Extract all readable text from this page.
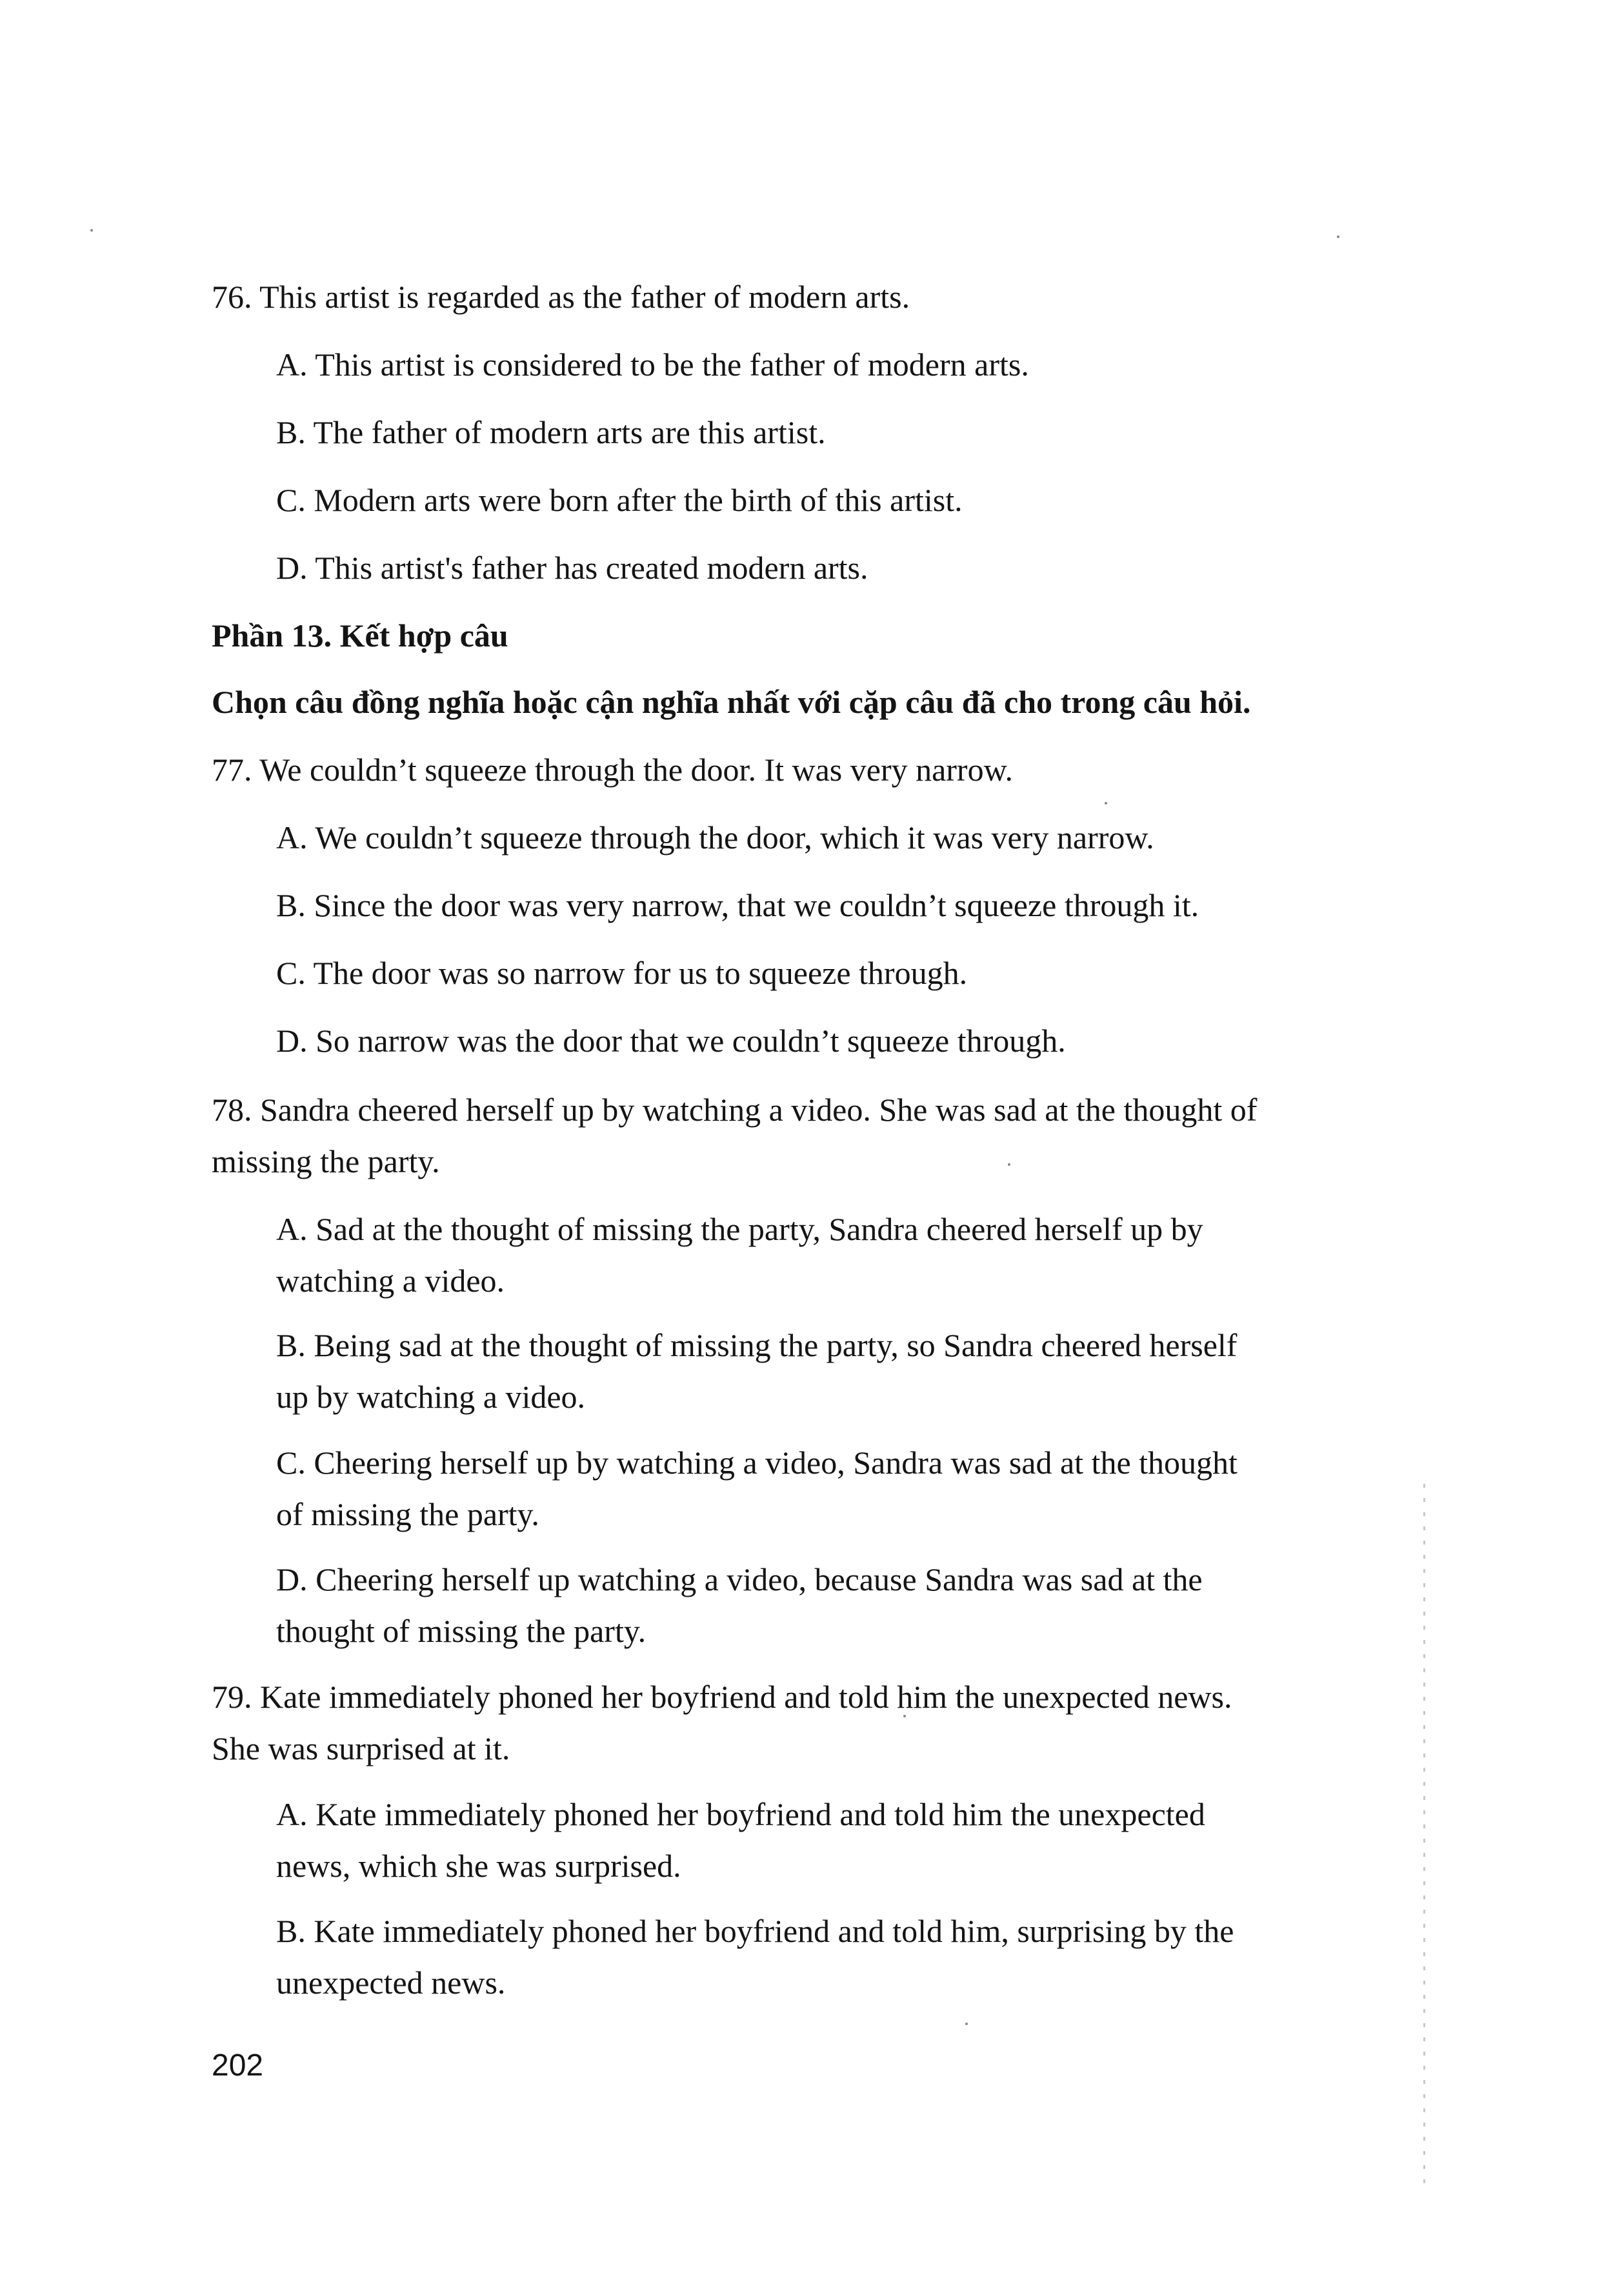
76. This artist is regarded as the father of modern arts.
A. This artist is considered to be the father of modern arts.
B. The father of modern arts are this artist.
C. Modern arts were born after the birth of this artist.
D. This artist's father has created modern arts.
Phần 13. Kết hợp câu
Chọn câu đồng nghĩa hoặc cận nghĩa nhất với cặp câu đã cho trong câu hỏi.
77. We couldn’t squeeze through the door. It was very narrow.
A. We couldn’t squeeze through the door, which it was very narrow.
B. Since the door was very narrow, that we couldn’t squeeze through it.
C. The door was so narrow for us to squeeze through.
D. So narrow was the door that we couldn’t squeeze through.
78. Sandra cheered herself up by watching a video. She was sad at the thought of
missing the party.
A. Sad at the thought of missing the party, Sandra cheered herself up by
watching a video.
B. Being sad at the thought of missing the party, so Sandra cheered herself
up by watching a video.
C. Cheering herself up by watching a video, Sandra was sad at the thought
of missing the party.
D. Cheering herself up watching a video, because Sandra was sad at the
thought of missing the party.
79. Kate immediately phoned her boyfriend and told him the unexpected news.
She was surprised at it.
A. Kate immediately phoned her boyfriend and told him the unexpected
news, which she was surprised.
B. Kate immediately phoned her boyfriend and told him, surprising by the
unexpected news.
202
